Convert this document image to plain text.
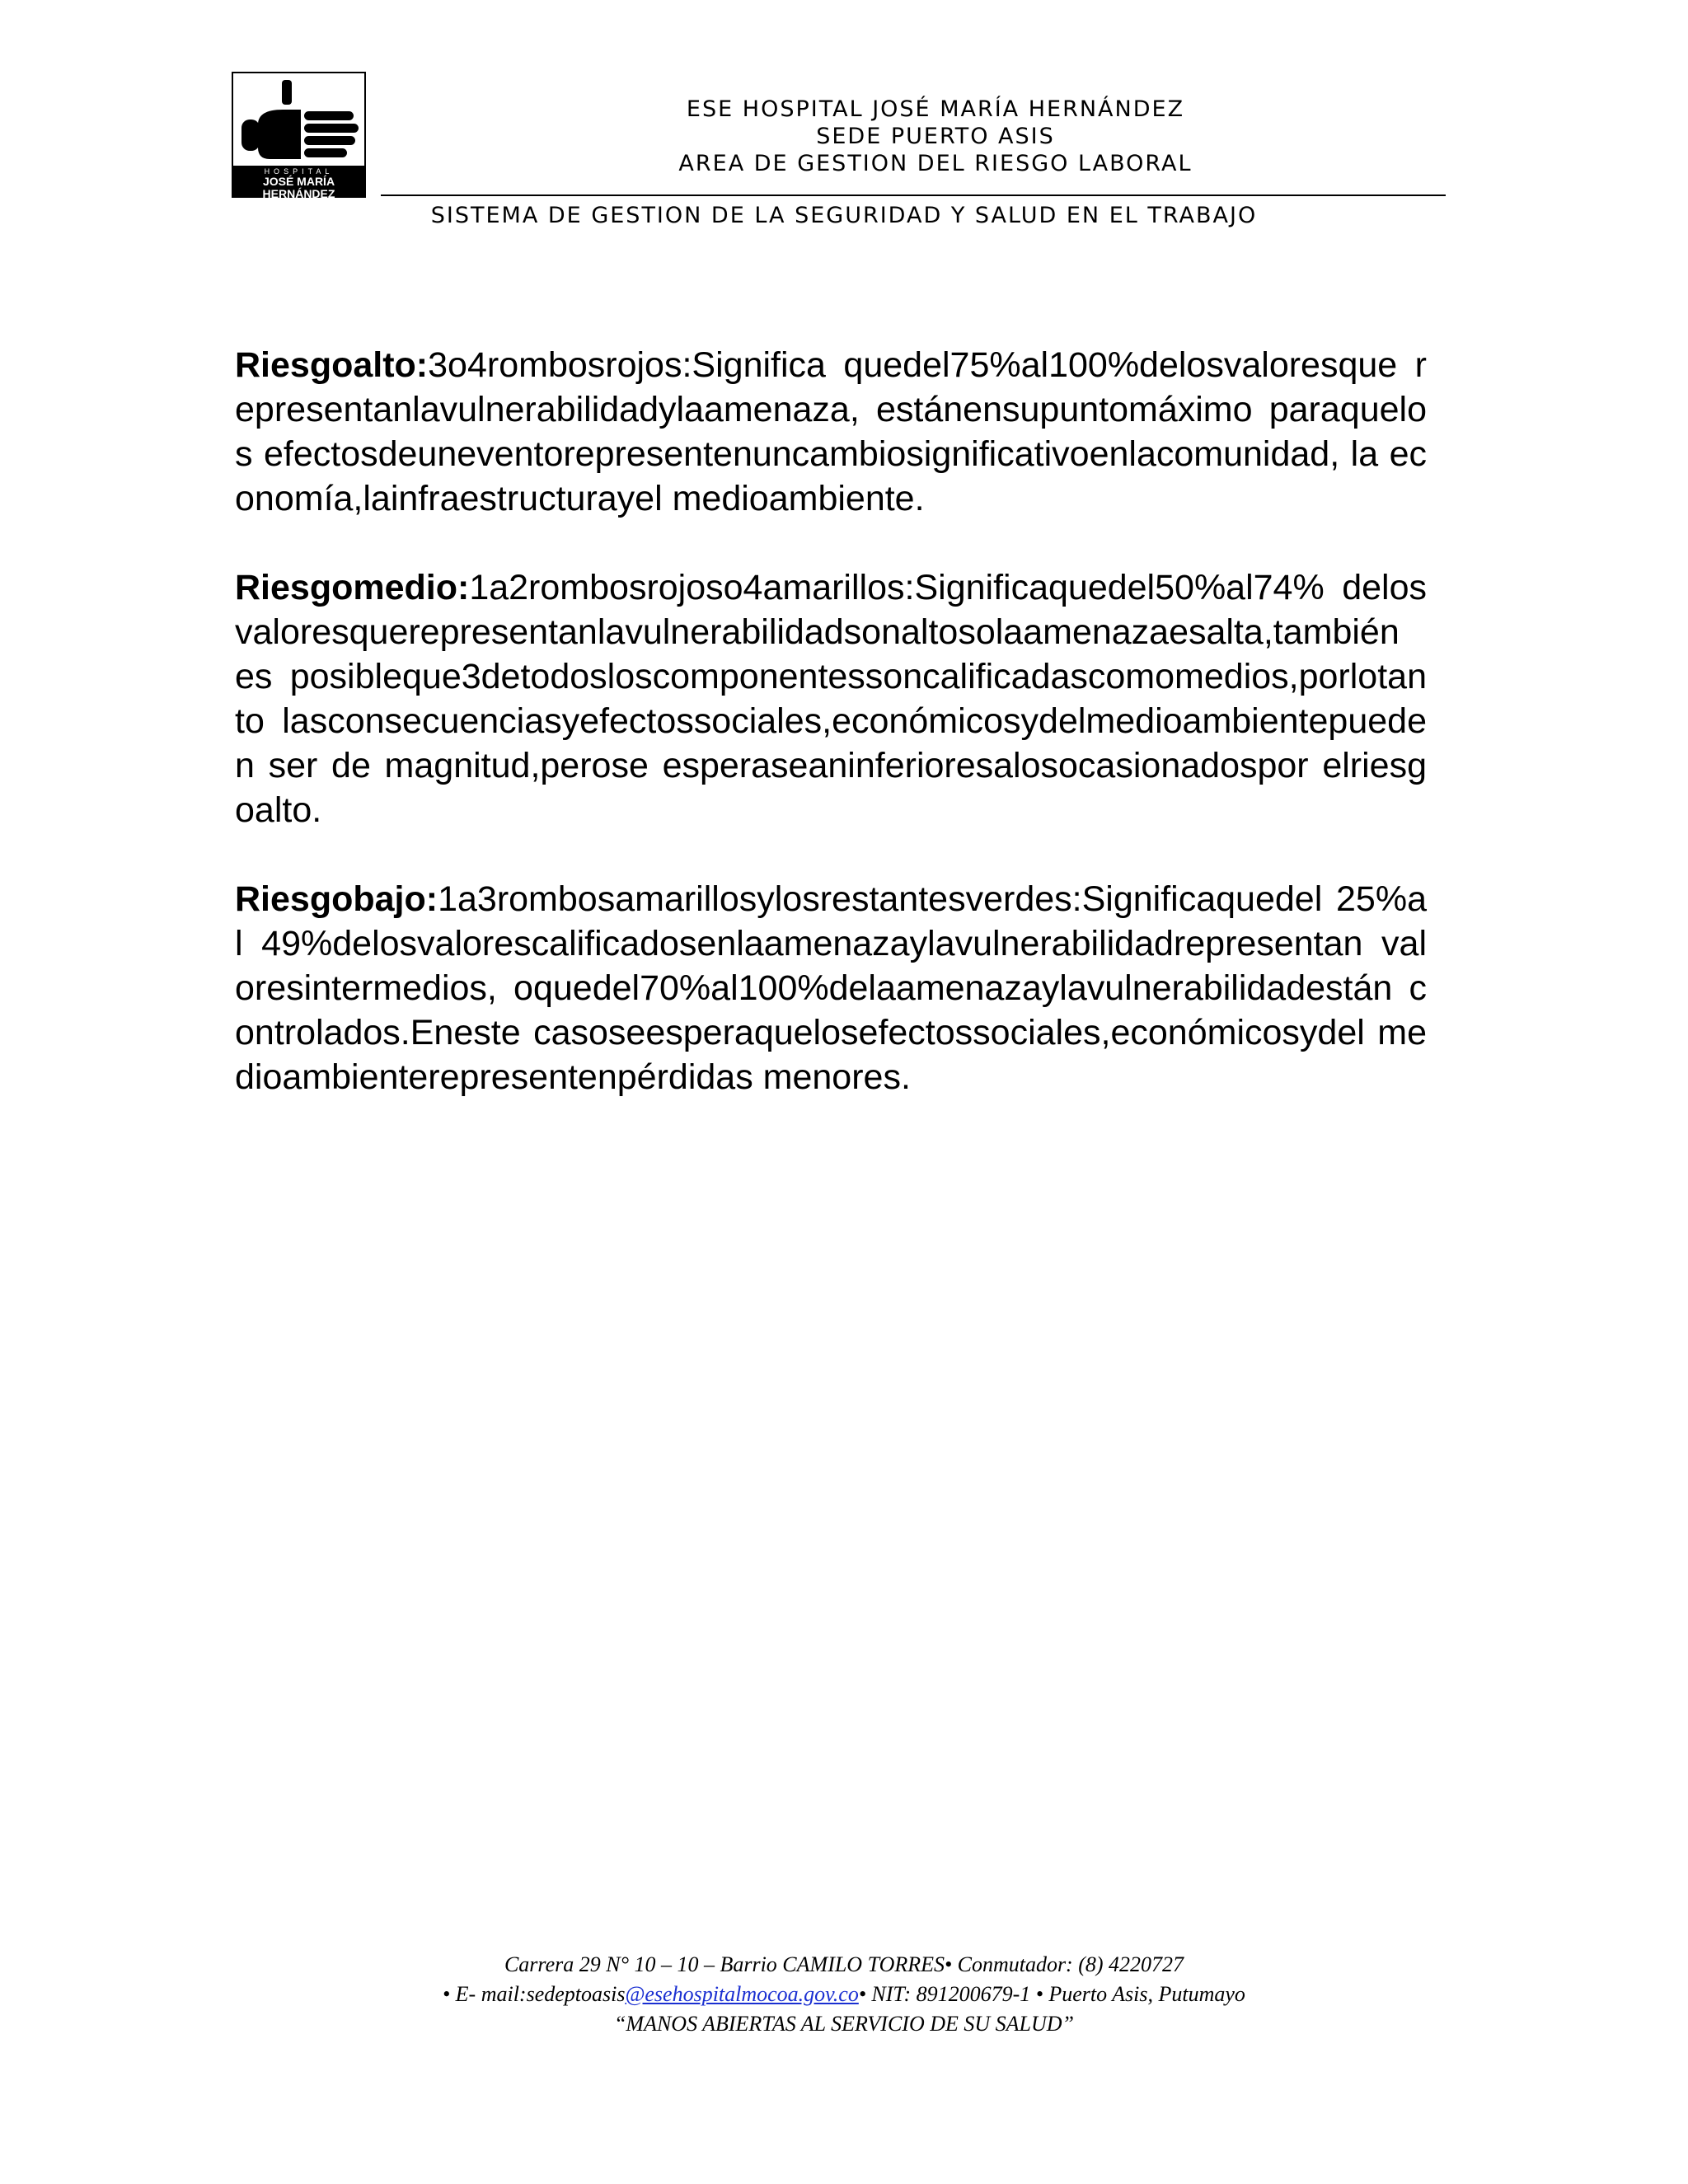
HOSPITAL
JOSÉ MARÍA HERNÁNDEZ
EMPRESA SOCIAL DEL ESTADO
ESE HOSPITAL JOSÉ MARÍA HERNÁNDEZ
SEDE PUERTO ASIS
AREA DE GESTION DEL RIESGO LABORAL
SISTEMA DE GESTION DE LA SEGURIDAD Y SALUD EN EL TRABAJO

Riesgoalto:3o4rombosrojos:Significa quedel75%al100%delosvaloresque representanlavulnerabilidadylaamenaza, estánensupuntomáximo paraquelos efectosdeuneventorepresentenuncambiosignificativoenlacomunidad, la economía,lainfraestructurayel medioambiente.

Riesgomedio:1a2rombosrojoso4amarillos:Significaquedel50%al74% delos valoresquerepresentanlavulnerabilidadsonaltosolaamenazaesalta,también es posibleque3detodosloscomponentessoncalificadascomomedios,porlotanto lasconsecuenciasyefectossociales,económicosydelmedioambientepueden ser de magnitud,perose esperaseaninferioresalosocasionadospor elriesgoalto.

Riesgobajo:1a3rombosamarillosylosrestantesverdes:Significaquedel 25%al 49%delosvalorescalificadosenlaamenazaylavulnerabilidadrepresentan valoresintermedios, oquedel70%al100%delaamenazaylavulnerabilidadestán controlados.Eneste casoseesperaquelosefectossociales,económicosydel medioambienterepresentenpérdidas menores.

Carrera 29 N° 10 – 10 – Barrio CAMILO TORRES• Conmutador: (8) 4220727
• E- mail:sedeptoasis@esehospitalmocoa.gov.co• NIT: 891200679-1 • Puerto Asis, Putumayo
“MANOS ABIERTAS AL SERVICIO DE SU SALUD”
